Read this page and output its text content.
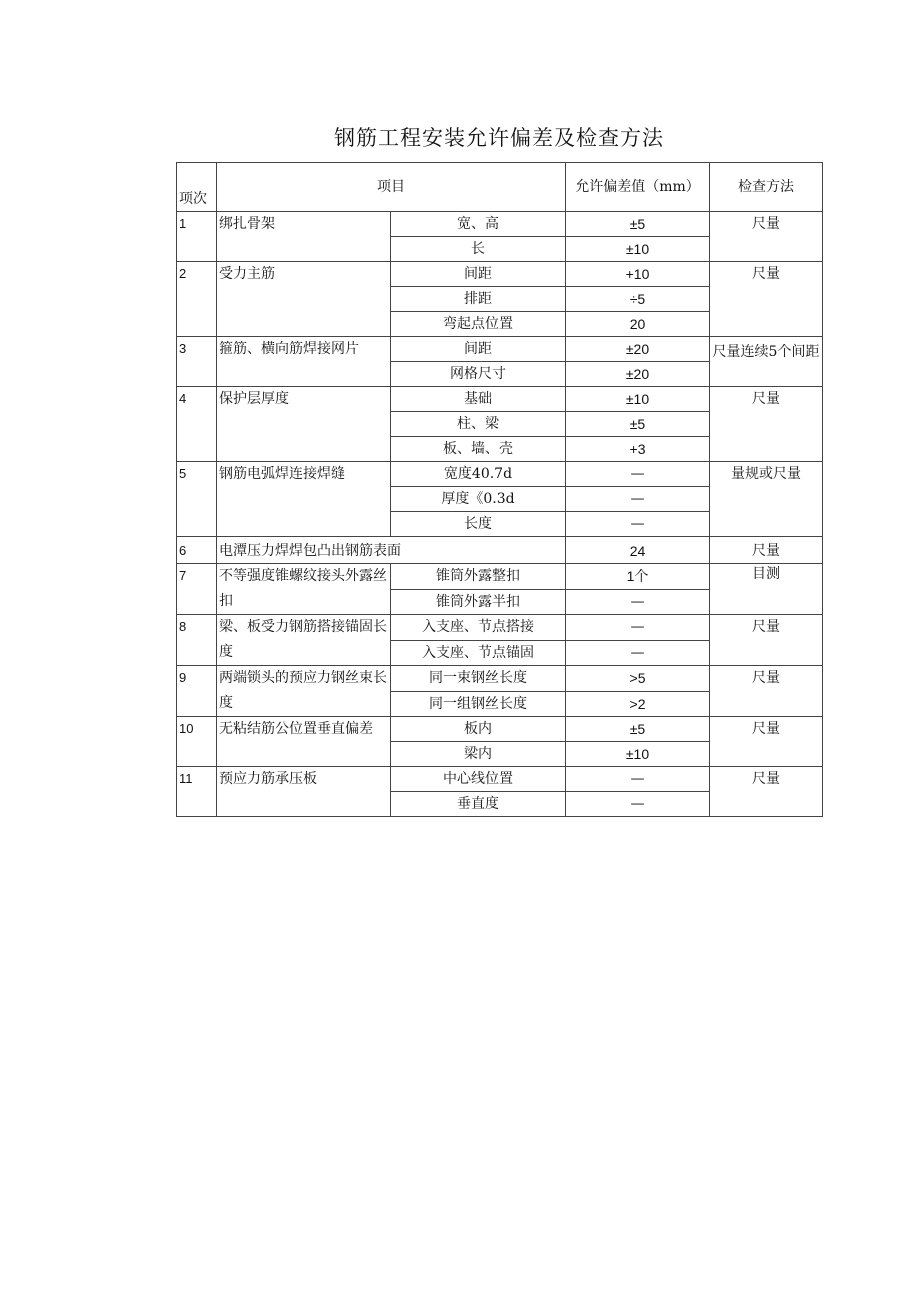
钢筋工程安装允许偏差及检查方法
项次	项目		允许偏差值（mm）	检查方法
1	绑扎骨架	宽、高	±5	尺量
		长	±10	
2	受力主筋	间距	+10	尺量
		排距	÷5	
		弯起点位置	20	
3	箍筋、横向筋焊接网片	间距	±20	尺量连续5个间距
		网格尺寸	±20	
4	保护层厚度	基础	±10	尺量
		柱、梁	±5	
		板、墙、壳	+3	
5	钢筋电弧焊连接焊缝	宽度40.7d	—	量规或尺量
		厚度《0.3d	—	
		长度	—	
6	电潭压力焊焊包凸出钢筋表面		24	尺量
7	不等强度锥螺纹接头外露丝扣	锥筒外露整扣	1个	目测
		锥筒外露半扣	—	
8	梁、板受力钢筋搭接锚固长度	入支座、节点搭接	—	尺量
		入支座、节点锚固	—	
9	两端锁头的预应力钢丝束长度	同一束钢丝长度	>5	尺量
		同一组钢丝长度	>2	
10	无粘结筋公位置垂直偏差	板内	±5	尺量
		梁内	±10	
11	预应力筋承压板	中心线位置	—	尺量
		垂直度	—	
